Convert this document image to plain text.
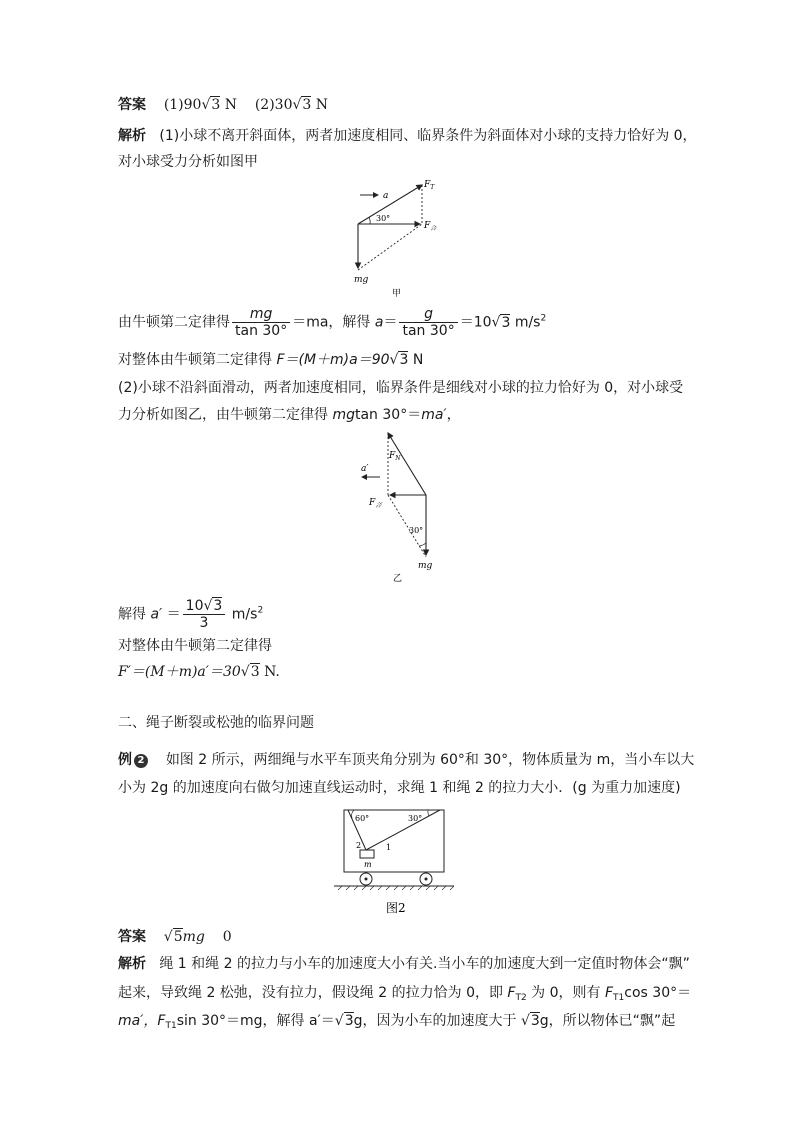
答案 (1)90√3 N (2)30√3 N
解析 (1)小球不离开斜面体，两者加速度相同、临界条件为斜面体对小球的支持力恰好为 0，
对小球受力分析如图甲
a
$F_T$
$F_合$
30°
mg
甲
由牛顿第二定律得 $\frac{mg}{\tan 30^\circ} =ma$，解得 $a= \frac{g}{\tan 30^\circ} =10√3$ $m/s^2$
对整体由牛顿第二定律得 F＝(M＋m)a＝90√3 N
(2)小球不沿斜面滑动，两者加速度相同，临界条件是细线对小球的拉力恰好为 0，对小球受
力分析如图乙，由牛顿第二定律得 mgtan 30°＝ma′，
a′
$F_N$
$F_{合'}$
30°
mg
乙
解得 $a' = \frac{10√3}{3} m/s^2$
对整体由牛顿第二定律得
F′＝(M＋m)a′＝30√3 N.
二、绳子断裂或松弛的临界问题
例 2 如图 2 所示，两细绳与水平车顶夹角分别为 60°和 30°，物体质量为 m，当小车以大
小为 2g 的加速度向右做匀加速直线运动时，求绳 1 和绳 2 的拉力大小．(g 为重力加速度)
60°	30°
2	1
m
图2
答案    √5mg 0
解析 绳 1 和绳 2 的拉力与小车的加速度大小有关.当小车的加速度大到一定值时物体会“飘”
起来，导致绳 2 松弛，没有拉力，假设绳 2 的拉力恰为 0，即 $F_{T2}$ 为 0，则有 $F_{T1}\cos$ 30°＝
ma′，$F_{T1}\sin$ 30°＝mg，解得 a′＝√3g，因为小车的加速度大于 √3g，所以物体已“飘”起
